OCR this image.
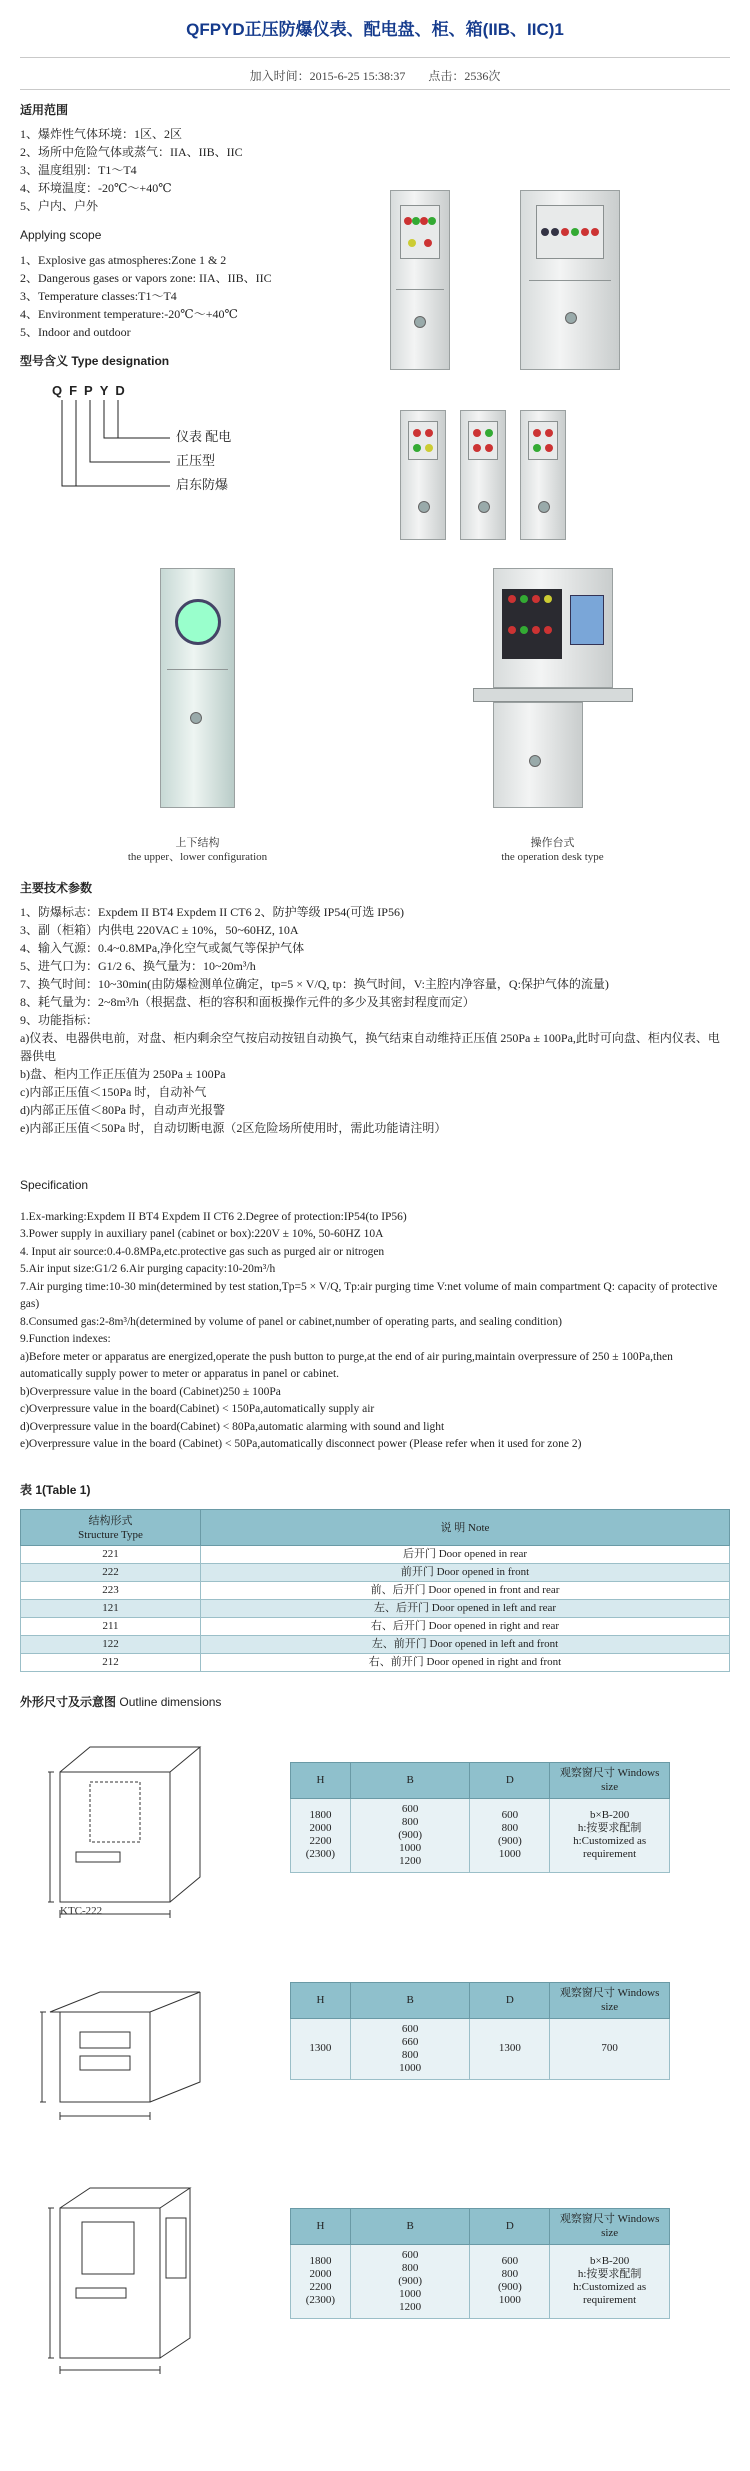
QFPYD正压防爆仪表、配电盘、柜、箱(IIB、IIC)1
加入时间：2015-6-25 15:38:37 点击：2536次
适用范围
1、爆炸性气体环境：1区、2区
2、场所中危险气体或蒸气：IIA、IIB、IIC
3、温度组别：T1～T4
4、环境温度：-20℃～+40℃
5、户内、户外
Applying scope
1、Explosive gas atmospheres:Zone 1 & 2
2、Dangerous gases or vapors zone: IIA、IIB、IIC
3、Temperature classes:T1～T4
4、Environment temperature:-20℃～+40℃
5、Indoor and outdoor
型号含义 Type designation
QFPYD
仪表 配电
正压型
启东防爆
上下结构
the upper、lower configuration
操作台式
the operation desk type
主要技术参数

1、防爆标志：Expdem II BT4 Expdem II CT6 2、防护等级 IP54(可选 IP56)

3、副（柜箱）内供电 220VAC ± 10%，50~60HZ, 10A

4、输入气源：0.4~0.8MPa,净化空气或氮气等保护气体

5、进气口为：G1/2 6、换气量为：10~20m³/h

7、换气时间：10~30min(由防爆检测单位确定，tp=5 × V/Q, tp：换气时间，V:主腔内净容量，Q:保护气体的流量)

8、耗气量为：2~8m³/h（根据盘、柜的容积和面板操作元件的多少及其密封程度而定）

9、功能指标：

a)仪表、电器供电前，对盘、柜内剩余空气按启动按钮自动换气，换气结束自动维持正压值 250Pa ± 100Pa,此时可向盘、柜内仪表、电器供电

b)盘、柜内工作正压值为 250Pa ± 100Pa

c)内部正压值＜150Pa 时，自动补气

d)内部正压值＜80Pa 时，自动声光报警

e)内部正压值＜50Pa 时，自动切断电源（2区危险场所使用时，需此功能请注明）

Specification

1.Ex-marking:Expdem II BT4 Expdem II CT6 2.Degree of protection:IP54(to IP56)

3.Power supply in auxiliary panel (cabinet or box):220V ± 10%, 50-60HZ 10A

4. Input air source:0.4-0.8MPa,etc.protective gas such as purged air or nitrogen

5.Air input size:G1/2 6.Air purging capacity:10-20m³/h

7.Air purging time:10-30 min(determined by test station,Tp=5 × V/Q, Tp:air purging time V:net volume of main compartment Q: capacity of protective gas)

8.Consumed gas:2-8m³/h(determined by volume of panel or cabinet,number of operating parts, and sealing condition)

9.Function indexes:

a)Before meter or apparatus are energized,operate the push button to purge,at the end of air puring,maintain overpressure of 250 ± 100Pa,then automatically supply power to meter or apparatus in panel or cabinet.

b)Overpressure value in the board (Cabinet)250 ± 100Pa

c)Overpressure value in the board(Cabinet) < 150Pa,automatically supply air

d)Overpressure value in the board(Cabinet) < 80Pa,automatic alarming with sound and light

e)Overpressure value in the board (Cabinet) < 50Pa,automatically disconnect power (Please refer when it used for zone 2)

表 1(Table 1)
结构形式
Structure Type	说 明 Note
221	后开门 Door opened in rear
222	前开门 Door opened in front
223	前、后开门 Door opened in front and rear
121	左、后开门 Door opened in left and rear
211	右、后开门 Door opened in right and rear
122	左、前开门 Door opened in left and front
212	右、前开门 Door opened in right and front
外形尺寸及示意图 Outline dimensions
KTC-222
H	B	D	观察窗尺寸 Windows size

1800
2000
2200
(2300)	600
800
(900)
1000
1200	600
800
(900)
1000	b×B-200
h:按要求配制
h:Customized as
requirement
H	B	D	观察窗尺寸 Windows size
1300	600
660
800
1000	1300	700
H	B	D	观察窗尺寸 Windows size

1800
2000
2200
(2300)	600
800
(900)
1000
1200	600
800
(900)
1000	b×B-200
h:按要求配制
h:Customized as
requirement
